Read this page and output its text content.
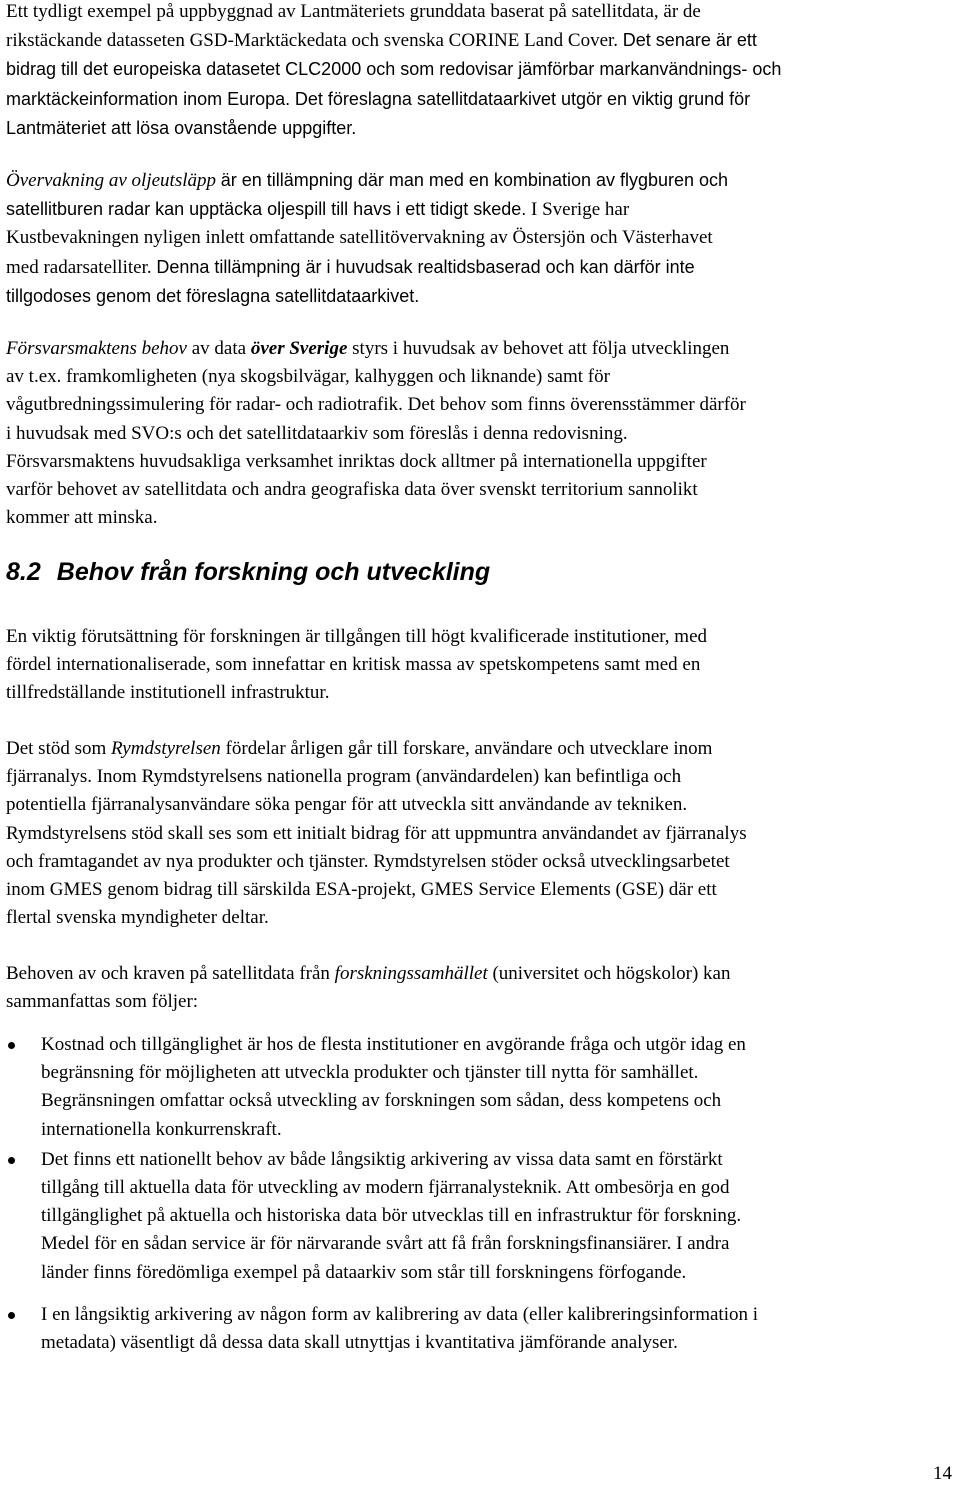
Ett tydligt exempel på uppbyggnad av Lantmäteriets grunddata baserat på satellitdata, är de
rikstäckande datasseten GSD-Marktäckedata och svenska CORINE Land Cover. Det senare är ett
bidrag till det europeiska datasetet CLC2000 och som redovisar jämförbar markanvändnings- och
marktäckeinformation inom Europa. Det föreslagna satellitdataarkivet utgör en viktig grund för
Lantmäteriet att lösa ovanstående uppgifter.

Övervakning av oljeutsläpp är en tillämpning där man med en kombination av flygburen och
satellitburen radar kan upptäcka oljespill till havs i ett tidigt skede. I Sverige har
Kustbevakningen nyligen inlett omfattande satellitövervakning av Östersjön och Västerhavet
med radarsatelliter. Denna tillämpning är i huvudsak realtidsbaserad och kan därför inte
tillgodoses genom det föreslagna satellitdataarkivet.

Försvarsmaktens behov av data över Sverige styrs i huvudsak av behovet att följa utvecklingen
av t.ex. framkomligheten (nya skogsbilvägar, kalhyggen och liknande) samt för
vågutbredningssimulering för radar- och radiotrafik. Det behov som finns överensstämmer därför
i huvudsak med SVO:s och det satellitdataarkiv som föreslås i denna redovisning.
Försvarsmaktens huvudsakliga verksamhet inriktas dock alltmer på internationella uppgifter
varför behovet av satellitdata och andra geografiska data över svenskt territorium sannolikt
kommer att minska.

8.2 Behov från forskning och utveckling

En viktig förutsättning för forskningen är tillgången till högt kvalificerade institutioner, med
fördel internationaliserade, som innefattar en kritisk massa av spetskompetens samt med en
tillfredställande institutionell infrastruktur.

Det stöd som Rymdstyrelsen fördelar årligen går till forskare, användare och utvecklare inom
fjärranalys. Inom Rymdstyrelsens nationella program (användardelen) kan befintliga och
potentiella fjärranalysanvändare söka pengar för att utveckla sitt användande av tekniken.
Rymdstyrelsens stöd skall ses som ett initialt bidrag för att uppmuntra användandet av fjärranalys
och framtagandet av nya produkter och tjänster. Rymdstyrelsen stöder också utvecklingsarbetet
inom GMES genom bidrag till särskilda ESA-projekt, GMES Service Elements (GSE) där ett
flertal svenska myndigheter deltar.

Behoven av och kraven på satellitdata från forskningssamhället (universitet och högskolor) kan
sammanfattas som följer:

Kostnad och tillgänglighet är hos de flesta institutioner en avgörande fråga och utgör idag en
begränsning för möjligheten att utveckla produkter och tjänster till nytta för samhället.
Begränsningen omfattar också utveckling av forskningen som sådan, dess kompetens och
internationella konkurrenskraft.
Det finns ett nationellt behov av både långsiktig arkivering av vissa data samt en förstärkt
tillgång till aktuella data för utveckling av modern fjärranalysteknik. Att ombesörja en god
tillgänglighet på aktuella och historiska data bör utvecklas till en infrastruktur för forskning.
Medel för en sådan service är för närvarande svårt att få från forskningsfinansiärer. I andra
länder finns föredömliga exempel på dataarkiv som står till forskningens förfogande.
I en långsiktig arkivering av någon form av kalibrering av data (eller kalibreringsinformation i
metadata) väsentligt då dessa data skall utnyttjas i kvantitativa jämförande analyser.
14
